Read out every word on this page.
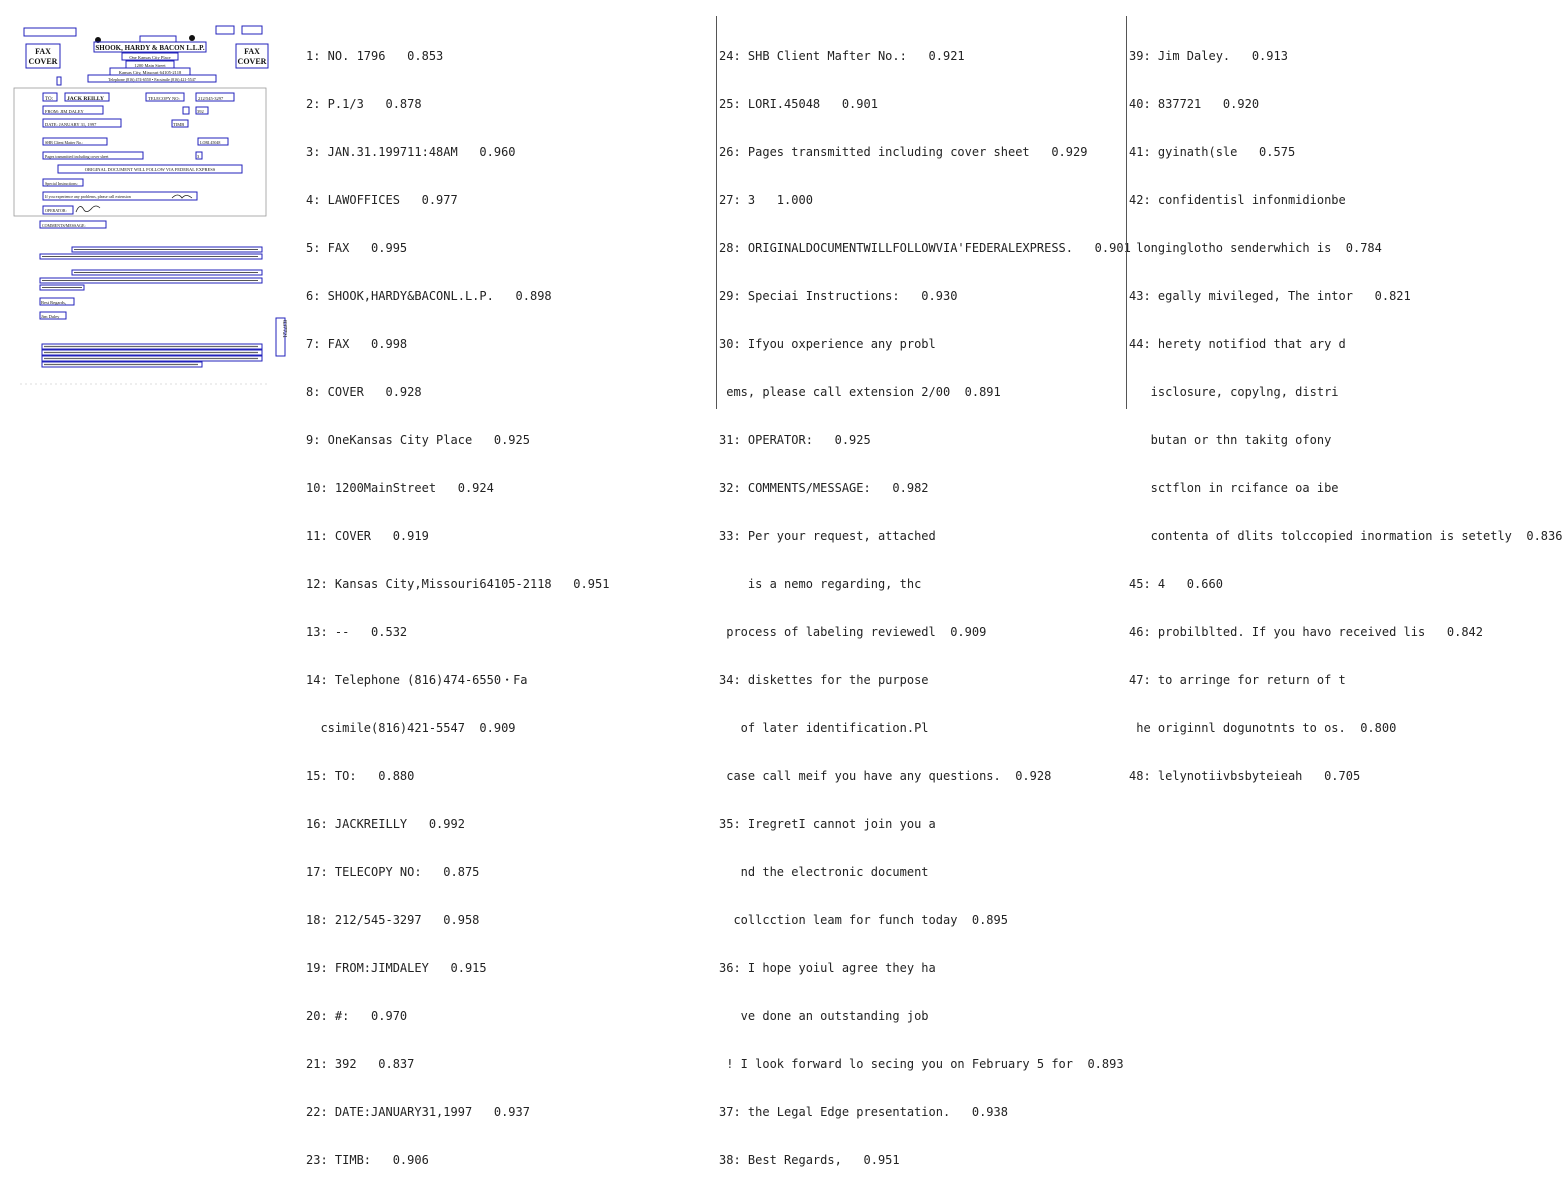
FAX
COVER
FAX
COVER
SHOOK, HARDY & BACON L.L.P.
One Kansas City Place
1200 Main Street
Kansas City, Missouri 64105-2118
Telephone (816) 474-6550 • Facsimile (816) 421-5547
TO:	JACK REILLY	TELECOPY NO:	212/545-3297
FROM: JIM DALEY	392
DATE: JANUARY 31, 1997	TIMB
SHB Client Matter No.:	LORI.45048
Pages transmitted including cover sheet	3
ORIGINAL DOCUMENT WILL FOLLOW VIA FEDERAL EXPRESS
Special Instructions:
If you experience any problems, please call extension
OPERATOR:
COMMENTS/MESSAGE:
Best Regards,
Jim Daley
837721

1: NO. 1796   0.853

2: P.1/3   0.878

3: JAN.31.199711:48AM   0.960

4: LAWOFFICES   0.977

5: FAX   0.995

6: SHOOK,HARDY&BACONL.L.P.   0.898

7: FAX   0.998

8: COVER   0.928

9: OneKansas City Place   0.925

10: 1200MainStreet   0.924

11: COVER   0.919

12: Kansas City,Missouri64105-2118   0.951

13: --   0.532

14: Telephone (816)474-6550・Fa

csimile(816)421-5547  0.909

15: TO:   0.880

16: JACKREILLY   0.992

17: TELECOPY NO:   0.875

18: 212/545-3297   0.958

19: FROM:JIMDALEY   0.915

20: #:   0.970

21: 392   0.837

22: DATE:JANUARY31,1997   0.937

23: TIMB:   0.906

24: SHB Client Mafter No.:   0.921

25: LORI.45048   0.901

26: Pages transmitted including cover sheet   0.929

27: 3   1.000

28: ORIGINALDOCUMENTWILLFOLLOWVIA'FEDERALEXPRESS.   0.901

29: Speciai Instructions:   0.930

30: Ifyou oxperience any probl

ems, please call extension 2/00  0.891

31: OPERATOR:   0.925

32: COMMENTS/MESSAGE:   0.982

33: Per your request, attached

is a nemo regarding, thc

process of labeling reviewedl  0.909

34: diskettes for the purpose

of later identification.Pl

case call meif you have any questions.  0.928

35: IregretI cannot join you a

nd the electronic document

collcction leam for funch today  0.895

36: I hope yoiul agree they ha

ve done an outstanding job

! I look forward lo secing you on February 5 for  0.893

37: the Legal Edge presentation.   0.938

38: Best Regards,   0.951

39: Jim Daley.   0.913

40: 837721   0.920

41: gyinath(sle   0.575

42: confidentisl infonmidionbe

longinglotho senderwhich is  0.784

43: egally mivileged, The intor   0.821

44: herety notifiod that ary d

isclosure, copylng, distri

butan or thn takitg ofony

sctflon in rcifance oa ibe

contenta of dlits tolccopied inormation is setetly  0.836

45: 4   0.660

46: probilblted. If you havo received lis   0.842

47: to arringe for return of t

he originnl dogunotnts to os.  0.800

48: lelynotiivbsbyteieah   0.705
